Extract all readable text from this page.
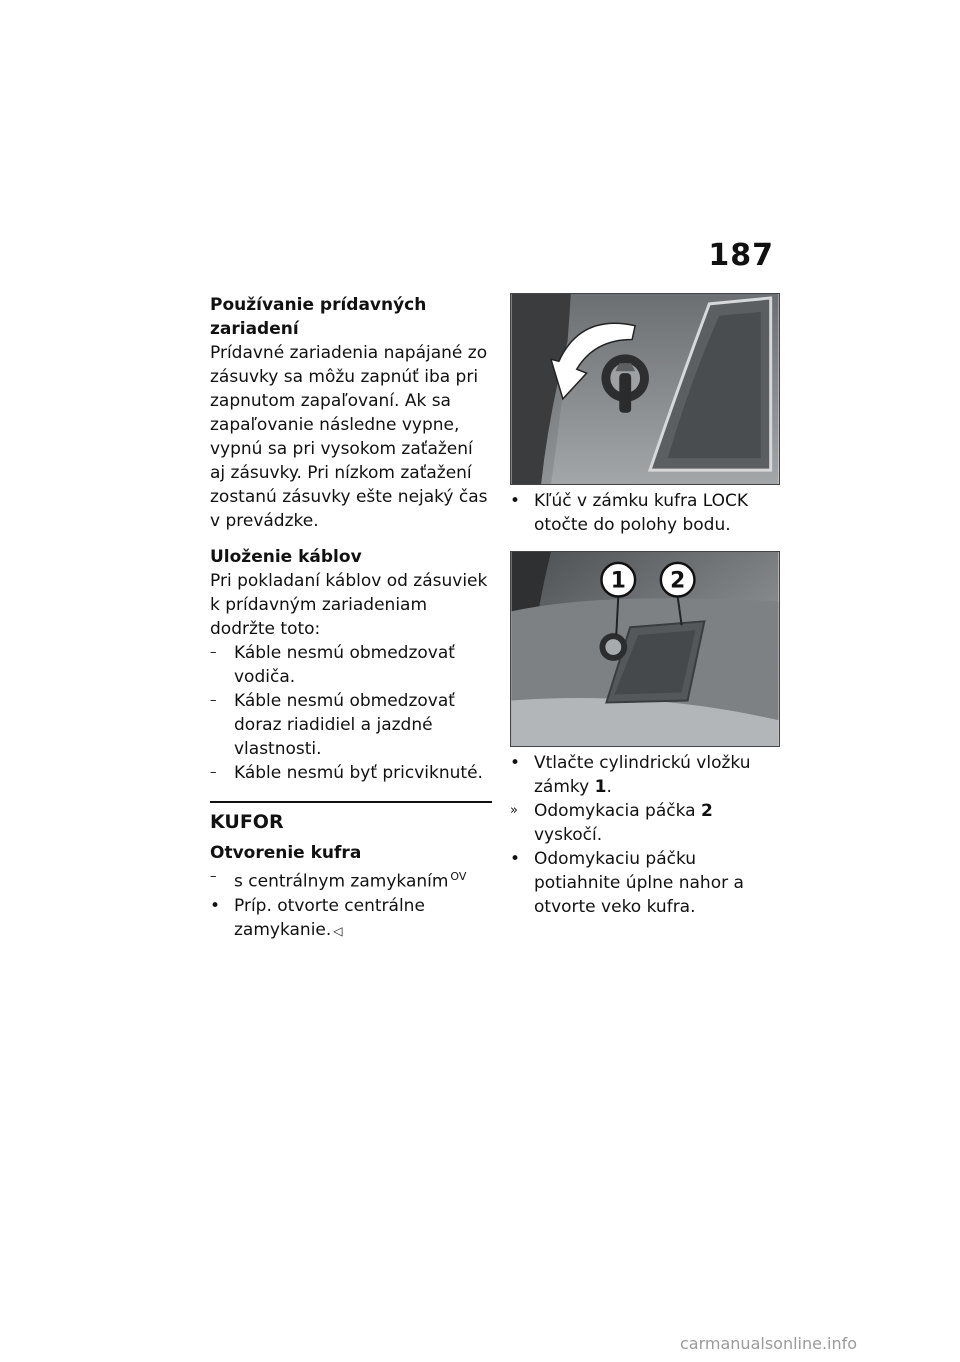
187

Používanie prídavných

zariadení

Prídavné zariadenia napájané zo zásuvky sa môžu zapnúť iba pri zapnutom zapaľovaní. Ak sa zapaľovanie následne vypne, vypnú sa pri vysokom zaťažení aj zásuvky. Pri nízkom zaťažení zostanú zásuvky ešte nejaký čas v prevádzke.

Uloženie káblov

Pri pokladaní káblov od zásuviek k prídavným zariadeniam dodržte toto:

–	Káble nesmú obmedzovať vodiča.
–	Káble nesmú obmedzovať doraz riadidiel a jazdné vlastnosti.
–	Káble nesmú byť pricviknuté.

KUFOR

Otvorenie kufra

–	s centrálnym zamykaním $^{OV}$
• Príp. otvorte centrálne zamykanie. ◁
• Kľúč v zámku kufra LOCK otočte do polohy bodu.
1 2
• Vtlačte cylindrickú vložku zámky 1.
» Odomykacia páčka 2 vyskočí.
• Odomykaciu páčku potiahnite úplne nahor a otvorte veko kufra.
carmanualsonline.info
